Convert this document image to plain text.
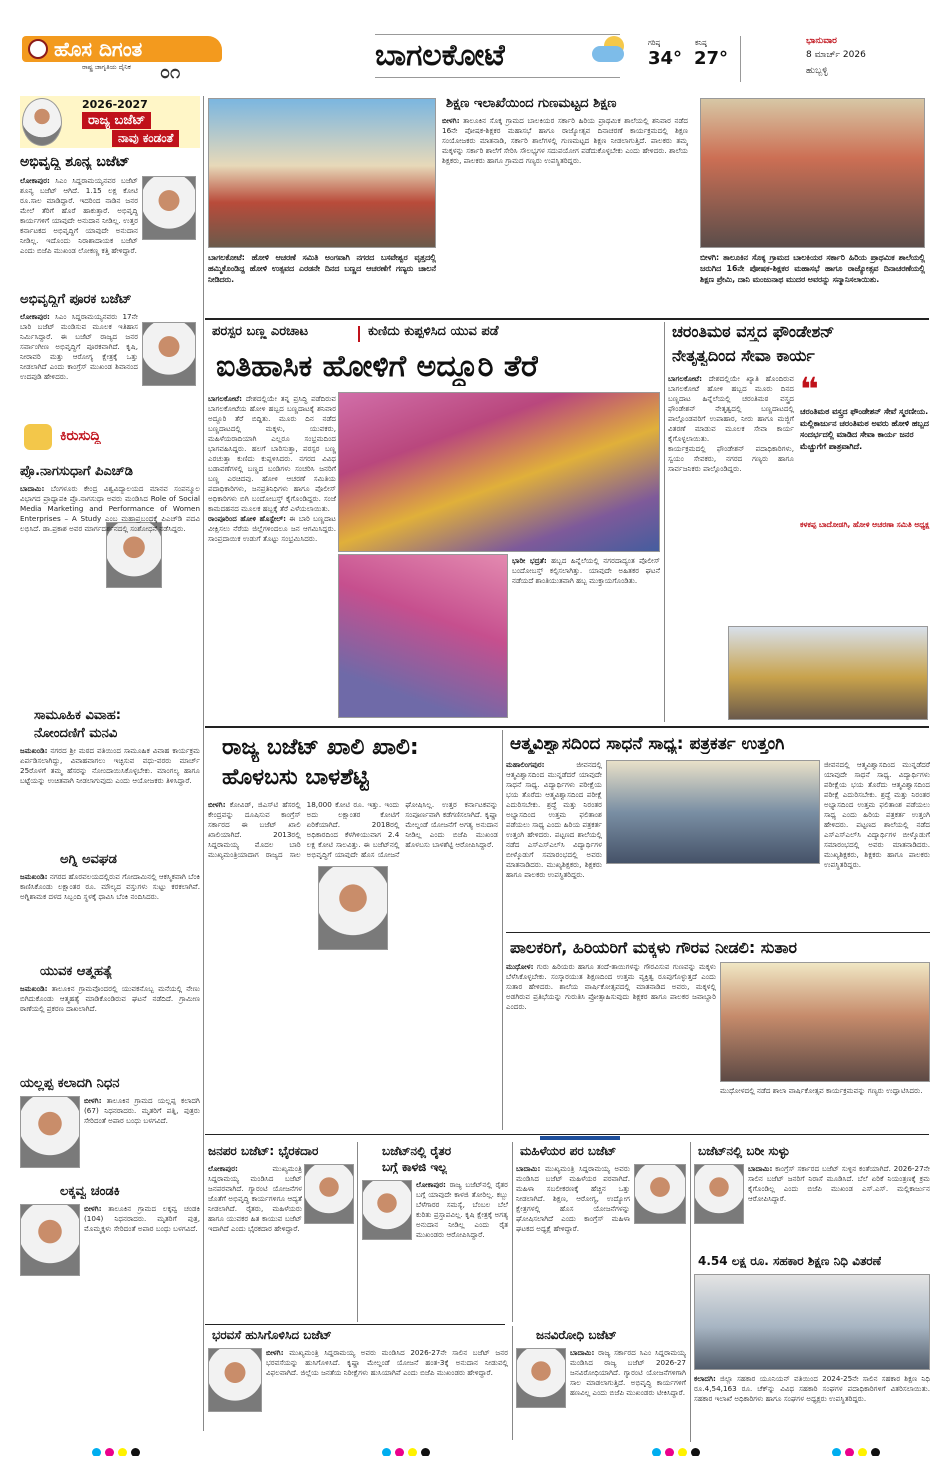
ಹೊಸ ದಿಗಂತ
ರಾಷ್ಟ್ರ ಜಾಗೃತಿಯ ದೈನಿಕ ೦೧	ಬಾಗಲಕೋಟೆ	ಗರಿಷ್ಠ
34°
ಕನಿಷ್ಠ
27°
ಭಾನುವಾರ
8 ಮಾರ್ಚ್ 2026
ಹುಬ್ಬಳ್ಳಿ
2026-2027
ರಾಜ್ಯ ಬಜೆಟ್
ನಾವು ಕಂಡಂತೆ
ಅಭಿವೃದ್ಧಿ ಶೂನ್ಯ ಬಜೆಟ್
ಲೋಕಾಪುರ: ಸಿಎಂ ಸಿದ್ದರಾಮಯ್ಯನವರ ಬಜೆಟ್ ಶೂನ್ಯ ಬಜೆಟ್ ಆಗಿದೆ. 1.15 ಲಕ್ಷ ಕೋಟಿ ರೂ.ಸಾಲ ಮಾಡಿದ್ದಾರೆ. ಇದರಿಂದ ನಾಡಿನ ಜನರ ಮೇಲೆ ತೆರಿಗೆ ಹೊರೆ ಹಾಕುತ್ತಾರೆ. ಅಭಿವೃದ್ಧಿ ಕಾರ್ಯಗಳಿಗೆ ಯಾವುದೇ ಅನುದಾನ ನೀಡಿಲ್ಲ. ಉತ್ತರ ಕರ್ನಾಟಕದ ಅಭಿವೃದ್ಧಿಗೆ ಯಾವುದೇ ಅನುದಾನ ನೀಡಿಲ್ಲ. ಇದೊಂದು ನಿರಾಶಾದಾಯಕ ಬಜೆಟ್ ಎಂದು ಬಿಜೆಪಿ ಮುಖಂಡ ಲೋಕಣ್ಣ ಕತ್ತಿ ಹೇಳಿದ್ದಾರೆ.
ಅಭಿವೃದ್ಧಿಗೆ ಪೂರಕ ಬಜೆಟ್
ಲೋಕಾಪುರ: ಸಿಎಂ ಸಿದ್ದರಾಮಯ್ಯನವರು 17ನೇ ಬಾರಿ ಬಜೆಟ್ ಮಂಡಿಸುವ ಮೂಲಕ ಇತಿಹಾಸ ನಿರ್ಮಿಸಿದ್ದಾರೆ. ಈ ಬಜೆಟ್ ರಾಜ್ಯದ ಜನರ ಸರ್ವಾಂಗೀಣ ಅಭಿವೃದ್ಧಿಗೆ ಪೂರಕವಾಗಿದೆ. ಕೃಷಿ, ನೀರಾವರಿ ಮತ್ತು ಆರೋಗ್ಯ ಕ್ಷೇತ್ರಕ್ಕೆ ಒತ್ತು ನೀಡಲಾಗಿದೆ ಎಂದು ಕಾಂಗ್ರೆಸ್ ಮುಖಂಡ ಶಿವಾನಂದ ಉದಪುಡಿ ಹೇಳಿದರು.
ಕಿರುಸುದ್ದಿ
ಪ್ರೊ.ನಾಗಸುಧಾಗೆ ಪಿಎಚ್‌ಡಿ
ಬಾದಾಮಿ: ಬೆಂಗಳೂರು ಕೇಂದ್ರ ವಿಶ್ವವಿದ್ಯಾಲಯದ ಮಾನವ ಸಂಪನ್ಮೂಲ ವಿಭಾಗದ ಪ್ರಾಧ್ಯಾಪಕಿ ಪ್ರೊ.ನಾಗಸುಧಾ ಅವರು ಮಂಡಿಸಿದ Role of Social Media Marketing and Performance of Women Enterprises – A Study ಎಂಬ ಮಹಾಪ್ರಬಂಧಕ್ಕೆ ಪಿಎಚ್‌ಡಿ ಪದವಿ ಲಭಿಸಿದೆ. ಡಾ.ಪ್ರಕಾಶ ಅವರ ಮಾರ್ಗದರ್ಶನದಲ್ಲಿ ಸಂಶೋಧನೆ ನಡೆಸಿದ್ದರು.
ಸಾಮೂಹಿಕ ವಿವಾಹ:
ನೋಂದಣಿಗೆ ಮನವಿ
ಜಮಖಂಡಿ: ನಗರದ ಶ್ರೀ ಮಠದ ವತಿಯಿಂದ ಸಾಮೂಹಿಕ ವಿವಾಹ ಕಾರ್ಯಕ್ರಮ ಏರ್ಪಡಿಸಲಾಗಿದ್ದು, ವಿವಾಹವಾಗಲು ಇಚ್ಛಿಸುವ ವಧು-ವರರು ಮಾರ್ಚ್ 25ರೊಳಗೆ ತಮ್ಮ ಹೆಸರನ್ನು ನೋಂದಾಯಿಸಿಕೊಳ್ಳಬೇಕು. ಮಾಂಗಲ್ಯ ಹಾಗೂ ಬಟ್ಟೆಯನ್ನು ಉಚಿತವಾಗಿ ನೀಡಲಾಗುವುದು ಎಂದು ಆಯೋಜಕರು ತಿಳಿಸಿದ್ದಾರೆ.
ಅಗ್ನಿ ಅವಘಡ
ಜಮಖಂಡಿ: ನಗರದ ಹೊರವಲಯದಲ್ಲಿರುವ ಗೋದಾಮಿನಲ್ಲಿ ಆಕಸ್ಮಿಕವಾಗಿ ಬೆಂಕಿ ಕಾಣಿಸಿಕೊಂಡು ಲಕ್ಷಾಂತರ ರೂ. ಮೌಲ್ಯದ ವಸ್ತುಗಳು ಸುಟ್ಟು ಕರಕಲಾಗಿವೆ. ಅಗ್ನಿಶಾಮಕ ದಳದ ಸಿಬ್ಬಂದಿ ಸ್ಥಳಕ್ಕೆ ಧಾವಿಸಿ ಬೆಂಕಿ ನಂದಿಸಿದರು.
ಯುವಕ ಆತ್ಮಹತ್ಯೆ
ಜಮಖಂಡಿ: ತಾಲೂಕಿನ ಗ್ರಾಮವೊಂದರಲ್ಲಿ ಯುವಕನೊಬ್ಬ ಮನೆಯಲ್ಲಿ ನೇಣು ಬಿಗಿದುಕೊಂಡು ಆತ್ಮಹತ್ಯೆ ಮಾಡಿಕೊಂಡಿರುವ ಘಟನೆ ನಡೆದಿದೆ. ಗ್ರಾಮೀಣ ಠಾಣೆಯಲ್ಲಿ ಪ್ರಕರಣ ದಾಖಲಾಗಿದೆ.
ಯಲ್ಲಪ್ಪ ಕಲಾದಗಿ ನಿಧನ
ಬೀಳಗಿ: ತಾಲೂಕಿನ ಗ್ರಾಮದ ಯಲ್ಲಪ್ಪ ಕಲಾದಗಿ (67) ನಿಧನರಾದರು. ಮೃತರಿಗೆ ಪತ್ನಿ, ಪುತ್ರರು ಸೇರಿದಂತೆ ಅಪಾರ ಬಂಧು ಬಳಗವಿದೆ.
ಲಕ್ಕವ್ವ ಚಂಡಕಿ
ಬೀಳಗಿ: ತಾಲೂಕಿನ ಗ್ರಾಮದ ಲಕ್ಕವ್ವ ಚಂಡಕಿ (104) ನಿಧನರಾದರು. ಮೃತರಿಗೆ ಪುತ್ರ, ಮೊಮ್ಮಕ್ಕಳು ಸೇರಿದಂತೆ ಅಪಾರ ಬಂಧು ಬಳಗವಿದೆ.
ಬಾಗಲಕೋಟೆ: ಹೋಳಿ ಆಚರಣೆ ಸಮಿತಿ ಅಂಗವಾಗಿ ನಗರದ ಬಸವೇಶ್ವರ ವೃತ್ತದಲ್ಲಿ ಹಮ್ಮಿಕೊಂಡಿದ್ದ ಹೋಳಿ ಉತ್ಸವದ ಎರಡನೇ ದಿನದ ಬಣ್ಣದ ಆಚರಣೆಗೆ ಗಣ್ಯರು ಚಾಲನೆ ನೀಡಿದರು.
ಶಿಕ್ಷಣ ಇಲಾಖೆಯಿಂದ ಗುಣಮಟ್ಟದ ಶಿಕ್ಷಣ
ಬೀಳಗಿ: ತಾಲೂಕಿನ ಸೊಕ್ಕ ಗ್ರಾಮದ ಬಾಲಕಿಯರ ಸರ್ಕಾರಿ ಹಿರಿಯ ಪ್ರಾಥಮಿಕ ಶಾಲೆಯಲ್ಲಿ ಶನಿವಾರ ನಡೆದ 16ನೇ ಪೋಷಕ-ಶಿಕ್ಷಕರ ಮಹಾಸಭೆ ಹಾಗೂ ರಾಜ್ಯೋತ್ಸವ ದಿನಾಚರಣೆ ಕಾರ್ಯಕ್ರಮದಲ್ಲಿ ಶಿಕ್ಷಣ ಸಂಯೋಜಕರು ಮಾತನಾಡಿ, ಸರ್ಕಾರಿ ಶಾಲೆಗಳಲ್ಲಿ ಗುಣಮಟ್ಟದ ಶಿಕ್ಷಣ ನೀಡಲಾಗುತ್ತಿದೆ. ಪಾಲಕರು ತಮ್ಮ ಮಕ್ಕಳನ್ನು ಸರ್ಕಾರಿ ಶಾಲೆಗೆ ಸೇರಿಸಿ ಸೌಲಭ್ಯಗಳ ಸದುಪಯೋಗ ಪಡೆದುಕೊಳ್ಳಬೇಕು ಎಂದು ಹೇಳಿದರು. ಶಾಲೆಯ ಶಿಕ್ಷಕರು, ಪಾಲಕರು ಹಾಗೂ ಗ್ರಾಮದ ಗಣ್ಯರು ಉಪಸ್ಥಿತರಿದ್ದರು.
ಬೀಳಗಿ: ತಾಲೂಕಿನ ಸೊಕ್ಕ ಗ್ರಾಮದ ಬಾಲಕಿಯರ ಸರ್ಕಾರಿ ಹಿರಿಯ ಪ್ರಾಥಮಿಕ ಶಾಲೆಯಲ್ಲಿ ಜರುಗಿದ 16ನೇ ಪೋಷಕ-ಶಿಕ್ಷಕರ ಮಹಾಸಭೆ ಹಾಗೂ ರಾಜ್ಯೋತ್ಸವ ದಿನಾಚರಣೆಯಲ್ಲಿ ಶಿಕ್ಷಣ ಪ್ರೇಮಿ, ದಾನಿ ಮಂಜುನಾಥ ಮುದರ ಅವರನ್ನು ಸನ್ಮಾನಿಸಲಾಯಿತು.
ಪರಸ್ಪರ ಬಣ್ಣ ಎರಚಾಟ	ಕುಣಿದು ಕುಪ್ಪಳಿಸಿದ ಯುವ ಪಡೆ
ಐತಿಹಾಸಿಕ ಹೋಳಿಗೆ ಅದ್ದೂರಿ ತೆರೆ
ಬಾಗಲಕೋಟೆ: ದೇಶದಲ್ಲಿಯೇ ತನ್ನ ಪ್ರಸಿದ್ಧಿ ಪಡೆದಿರುವ ಬಾಗಲಕೋಟೆಯ ಹೋಳಿ ಹಬ್ಬದ ಬಣ್ಣದಾಟಕ್ಕೆ ಶನಿವಾರ ಅದ್ದೂರಿ ತೆರೆ ಬಿದ್ದಿತು. ಮೂರು ದಿನ ನಡೆದ ಬಣ್ಣದಾಟದಲ್ಲಿ ಮಕ್ಕಳು, ಯುವಕರು, ಮಹಿಳೆಯರಾದಿಯಾಗಿ ಎಲ್ಲರೂ ಸಂಭ್ರಮದಿಂದ ಭಾಗವಹಿಸಿದ್ದರು. ಹಲಗೆ ಬಾರಿಸುತ್ತಾ, ಪರಸ್ಪರ ಬಣ್ಣ ಎರಚುತ್ತಾ ಕುಣಿದು ಕುಪ್ಪಳಿಸಿದರು. ನಗರದ ವಿವಿಧ ಬಡಾವಣೆಗಳಲ್ಲಿ ಬಣ್ಣದ ಬಂಡಿಗಳು ಸಂಚರಿಸಿ ಜನರಿಗೆ ಬಣ್ಣ ಎರಚಿದವು. ಹೋಳಿ ಆಚರಣೆ ಸಮಿತಿಯ ಪದಾಧಿಕಾರಿಗಳು, ಜನಪ್ರತಿನಿಧಿಗಳು ಹಾಗೂ ಪೊಲೀಸ್ ಅಧಿಕಾರಿಗಳು ಬಿಗಿ ಬಂದೋಬಸ್ತ್ ಕೈಗೊಂಡಿದ್ದರು. ಸಂಜೆ ಕಾಮದಹನದ ಮೂಲಕ ಹಬ್ಬಕ್ಕೆ ತೆರೆ ಎಳೆಯಲಾಯಿತು.
ರಾಂಪೂರಿಂದ ಹೋಳಿ ಹೊಸ್ಟೇಲ್: ಈ ಬಾರಿ ಬಣ್ಣದಾಟ ವೀಕ್ಷಿಸಲು ನೆರೆಯ ಜಿಲ್ಲೆಗಳಿಂದಲೂ ಜನ ಆಗಮಿಸಿದ್ದರು. ಸಾಂಪ್ರದಾಯಿಕ ಉಡುಗೆ ತೊಟ್ಟು ಸಂಭ್ರಮಿಸಿದರು.
ಭಾರೀ ಭದ್ರತೆ: ಹಬ್ಬದ ಹಿನ್ನೆಲೆಯಲ್ಲಿ ನಗರದಾದ್ಯಂತ ಪೊಲೀಸ್ ಬಂದೋಬಸ್ತ್ ಕಲ್ಪಿಸಲಾಗಿತ್ತು. ಯಾವುದೇ ಅಹಿತಕರ ಘಟನೆ ನಡೆಯದೆ ಶಾಂತಿಯುತವಾಗಿ ಹಬ್ಬ ಮುಕ್ತಾಯಗೊಂಡಿತು.
ಚರಂತಿಮಠ ವಸ್ತ್ರದ ಫೌಂಡೇಶನ್
ನೇತೃತ್ವದಿಂದ ಸೇವಾ ಕಾರ್ಯ
ಬಾಗಲಕೋಟೆ: ದೇಶದಲ್ಲಿಯೇ ಖ್ಯಾತಿ ಹೊಂದಿರುವ ಬಾಗಲಕೋಟೆ ಹೋಳಿ ಹಬ್ಬದ ಮೂರು ದಿನದ ಬಣ್ಣದಾಟ ಹಿನ್ನೆಲೆಯಲ್ಲಿ ಚರಂತಿಮಠ ವಸ್ತ್ರದ ಫೌಂಡೇಶನ್ ನೇತೃತ್ವದಲ್ಲಿ ಬಣ್ಣದಾಟದಲ್ಲಿ ಪಾಲ್ಗೊಂಡವರಿಗೆ ಉಪಾಹಾರ, ನೀರು ಹಾಗೂ ಮಜ್ಜಿಗೆ ವಿತರಣೆ ಮಾಡುವ ಮೂಲಕ ಸೇವಾ ಕಾರ್ಯ ಕೈಗೊಳ್ಳಲಾಯಿತು.
ಕಾರ್ಯಕ್ರಮದಲ್ಲಿ ಫೌಂಡೇಶನ್ ಪದಾಧಿಕಾರಿಗಳು, ಸ್ವಯಂ ಸೇವಕರು, ನಗರದ ಗಣ್ಯರು ಹಾಗೂ ಸಾರ್ವಜನಿಕರು ಪಾಲ್ಗೊಂಡಿದ್ದರು.
❝
ಚರಂತಿಮಠ ವಸ್ತ್ರದ ಫೌಂಡೇಶನ್ ಸೇವೆ ಸ್ಮರಣೀಯ. ಮಲ್ಲಿಕಾರ್ಜುನ ಚರಂತಿಮಠ ಅವರು ಹೋಳಿ ಹಬ್ಬದ ಸಂದರ್ಭದಲ್ಲಿ ಮಾಡಿದ ಸೇವಾ ಕಾರ್ಯ ಜನರ ಮೆಚ್ಚುಗೆಗೆ ಪಾತ್ರವಾಗಿದೆ.
ಕಳಕಪ್ಪ ಬಾದೋಡಗಿ, ಹೋಳಿ ಆಚರಣಾ ಸಮಿತಿ ಅಧ್ಯಕ್ಷ
ರಾಜ್ಯ ಬಜೆಟ್ ಖಾಲಿ ಖಾಲಿ:
ಹೊಳಬಸು ಬಾಳಶೆಟ್ಟಿ
ಬೀಳಗಿ: ಕೋವಿಡ್, ಜಿಎಸ್‌ಟಿ ಹೆಸರಲ್ಲಿ ಕೇಂದ್ರವನ್ನು ದೂಷಿಸುವ ಕಾಂಗ್ರೆಸ್ ಸರ್ಕಾರದ ಈ ಬಜೆಟ್ ಖಾಲಿ ಖಾಲಿಯಾಗಿದೆ. 2013ರಲ್ಲಿ ಸಿದ್ದರಾಮಯ್ಯ ಮೊದಲ ಬಾರಿ ಮುಖ್ಯಮಂತ್ರಿಯಾದಾಗ ರಾಜ್ಯದ ಸಾಲ 18,000 ಕೋಟಿ ರೂ. ಇತ್ತು. ಇಂದು ಅದು ಲಕ್ಷಾಂತರ ಕೋಟಿಗೆ ಏರಿಕೆಯಾಗಿದೆ. 2018ರಲ್ಲಿ ಅಧಿಕಾರದಿಂದ ಕೆಳಗಿಳಿಯುವಾಗ 2.4 ಲಕ್ಷ ಕೋಟಿ ಸಾಲವಿತ್ತು. ಈ ಬಜೆಟ್‌ನಲ್ಲಿ ಅಭಿವೃದ್ಧಿಗೆ ಯಾವುದೇ ಹೊಸ ಯೋಜನೆ ಘೋಷಿಸಿಲ್ಲ. ಉತ್ತರ ಕರ್ನಾಟಕವನ್ನು ಸಂಪೂರ್ಣವಾಗಿ ಕಡೆಗಣಿಸಲಾಗಿದೆ. ಕೃಷ್ಣಾ ಮೇಲ್ದಂಡೆ ಯೋಜನೆಗೆ ಅಗತ್ಯ ಅನುದಾನ ನೀಡಿಲ್ಲ ಎಂದು ಬಿಜೆಪಿ ಮುಖಂಡ ಹೊಳಬಸು ಬಾಳಶೆಟ್ಟಿ ಆರೋಪಿಸಿದ್ದಾರೆ.
ಆತ್ಮವಿಶ್ವಾಸದಿಂದ ಸಾಧನೆ ಸಾಧ್ಯ: ಪತ್ರಕರ್ತ ಉತ್ತಂಗಿ
ಮಹಾಲಿಂಗಪುರ:	ಜೀವನದಲ್ಲಿ ಆತ್ಮವಿಶ್ವಾಸದಿಂದ ಮುನ್ನಡೆದರೆ ಯಾವುದೇ ಸಾಧನೆ ಸಾಧ್ಯ. ವಿದ್ಯಾರ್ಥಿಗಳು ಪರೀಕ್ಷೆಯ ಭಯ ತೊರೆದು ಆತ್ಮವಿಶ್ವಾಸದಿಂದ ಪರೀಕ್ಷೆ ಎದುರಿಸಬೇಕು. ಶ್ರದ್ಧೆ ಮತ್ತು ನಿರಂತರ ಅಭ್ಯಾಸದಿಂದ ಉತ್ತಮ ಫಲಿತಾಂಶ ಪಡೆಯಲು ಸಾಧ್ಯ ಎಂದು ಹಿರಿಯ ಪತ್ರಕರ್ತ ಉತ್ತಂಗಿ ಹೇಳಿದರು. ಪಟ್ಟಣದ ಶಾಲೆಯಲ್ಲಿ ನಡೆದ ಎಸ್‌ಎಸ್‌ಎಲ್‌ಸಿ ವಿದ್ಯಾರ್ಥಿಗಳ ಬೀಳ್ಕೊಡುಗೆ ಸಮಾರಂಭದಲ್ಲಿ ಅವರು ಮಾತನಾಡಿದರು. ಮುಖ್ಯಶಿಕ್ಷಕರು, ಶಿಕ್ಷಕರು ಹಾಗೂ ಪಾಲಕರು ಉಪಸ್ಥಿತರಿದ್ದರು.
ಜೀವನದಲ್ಲಿ ಆತ್ಮವಿಶ್ವಾಸದಿಂದ ಮುನ್ನಡೆದರೆ ಯಾವುದೇ ಸಾಧನೆ ಸಾಧ್ಯ. ವಿದ್ಯಾರ್ಥಿಗಳು ಪರೀಕ್ಷೆಯ ಭಯ ತೊರೆದು ಆತ್ಮವಿಶ್ವಾಸದಿಂದ ಪರೀಕ್ಷೆ ಎದುರಿಸಬೇಕು. ಶ್ರದ್ಧೆ ಮತ್ತು ನಿರಂತರ ಅಭ್ಯಾಸದಿಂದ ಉತ್ತಮ ಫಲಿತಾಂಶ ಪಡೆಯಲು ಸಾಧ್ಯ ಎಂದು ಹಿರಿಯ ಪತ್ರಕರ್ತ ಉತ್ತಂಗಿ ಹೇಳಿದರು. ಪಟ್ಟಣದ ಶಾಲೆಯಲ್ಲಿ ನಡೆದ ಎಸ್‌ಎಸ್‌ಎಲ್‌ಸಿ ವಿದ್ಯಾರ್ಥಿಗಳ ಬೀಳ್ಕೊಡುಗೆ ಸಮಾರಂಭದಲ್ಲಿ ಅವರು ಮಾತನಾಡಿದರು. ಮುಖ್ಯಶಿಕ್ಷಕರು, ಶಿಕ್ಷಕರು ಹಾಗೂ ಪಾಲಕರು ಉಪಸ್ಥಿತರಿದ್ದರು.
ಪಾಲಕರಿಗೆ, ಹಿರಿಯರಿಗೆ ಮಕ್ಕಳು ಗೌರವ ನೀಡಲಿ: ಸುತಾರ
ಮುಧೋಳ: ಗುರು ಹಿರಿಯರು ಹಾಗೂ ತಂದೆ-ತಾಯಿಗಳನ್ನು ಗೌರವಿಸುವ ಗುಣವನ್ನು ಮಕ್ಕಳು ಬೆಳೆಸಿಕೊಳ್ಳಬೇಕು. ಸಂಸ್ಕಾರಯುತ ಶಿಕ್ಷಣದಿಂದ ಉತ್ತಮ ವ್ಯಕ್ತಿತ್ವ ರೂಪುಗೊಳ್ಳುತ್ತದೆ ಎಂದು ಸುತಾರ ಹೇಳಿದರು. ಶಾಲೆಯ ವಾರ್ಷಿಕೋತ್ಸವದಲ್ಲಿ ಮಾತನಾಡಿದ ಅವರು, ಮಕ್ಕಳಲ್ಲಿ ಅಡಗಿರುವ ಪ್ರತಿಭೆಯನ್ನು ಗುರುತಿಸಿ ಪ್ರೋತ್ಸಾಹಿಸುವುದು ಶಿಕ್ಷಕರ ಹಾಗೂ ಪಾಲಕರ ಜವಾಬ್ದಾರಿ ಎಂದರು.
ಮುಧೋಳದಲ್ಲಿ ನಡೆದ ಶಾಲಾ ವಾರ್ಷಿಕೋತ್ಸವ ಕಾರ್ಯಕ್ರಮವನ್ನು ಗಣ್ಯರು ಉದ್ಘಾಟಿಸಿದರು.
ಜನಪರ ಬಜೆಟ್: ಭೈರಕದಾರ
ಲೋಕಾಪುರ:	ಮುಖ್ಯಮಂತ್ರಿ ಸಿದ್ದರಾಮಯ್ಯ ಮಂಡಿಸಿದ ಬಜೆಟ್ ಜನಪರವಾಗಿದೆ. ಗ್ಯಾರಂಟಿ ಯೋಜನೆಗಳ ಜೊತೆಗೆ ಅಭಿವೃದ್ಧಿ ಕಾರ್ಯಗಳಿಗೂ ಆದ್ಯತೆ ನೀಡಲಾಗಿದೆ. ರೈತರು, ಮಹಿಳೆಯರು ಹಾಗೂ ಯುವಕರ ಹಿತ ಕಾಯುವ ಬಜೆಟ್ ಇದಾಗಿದೆ ಎಂದು ಭೈರಕದಾರ ಹೇಳಿದ್ದಾರೆ.
ಬಜೆಟ್‌ನಲ್ಲಿ ರೈತರ
ಬಗ್ಗೆ ಕಾಳಜಿ ಇಲ್ಲ
ಲೋಕಾಪುರ: ರಾಜ್ಯ ಬಜೆಟ್‌ನಲ್ಲಿ ರೈತರ ಬಗ್ಗೆ ಯಾವುದೇ ಕಾಳಜಿ ತೋರಿಲ್ಲ. ಕಬ್ಬು ಬೆಳೆಗಾರರ ಸಮಸ್ಯೆ, ಬೆಂಬಲ ಬೆಲೆ ಕುರಿತು ಪ್ರಸ್ತಾಪವಿಲ್ಲ. ಕೃಷಿ ಕ್ಷೇತ್ರಕ್ಕೆ ಅಗತ್ಯ ಅನುದಾನ ನೀಡಿಲ್ಲ ಎಂದು ರೈತ ಮುಖಂಡರು ಆರೋಪಿಸಿದ್ದಾರೆ.
ಮಹಿಳೆಯರ ಪರ ಬಜೆಟ್
ಬಾದಾಮಿ: ಮುಖ್ಯಮಂತ್ರಿ ಸಿದ್ದರಾಮಯ್ಯ ಅವರು ಮಂಡಿಸಿದ ಬಜೆಟ್ ಮಹಿಳೆಯರ ಪರವಾಗಿದೆ. ಮಹಿಳಾ ಸಬಲೀಕರಣಕ್ಕೆ ಹೆಚ್ಚಿನ ಒತ್ತು ನೀಡಲಾಗಿದೆ. ಶಿಕ್ಷಣ, ಆರೋಗ್ಯ, ಉದ್ಯೋಗ ಕ್ಷೇತ್ರಗಳಲ್ಲಿ ಹೊಸ ಯೋಜನೆಗಳನ್ನು ಘೋಷಿಸಲಾಗಿದೆ ಎಂದು ಕಾಂಗ್ರೆಸ್ ಮಹಿಳಾ ಘಟಕದ ಅಧ್ಯಕ್ಷೆ ಹೇಳಿದ್ದಾರೆ.
ಬಜೆಟ್‌ನಲ್ಲಿ ಬರೀ ಸುಳ್ಳು
ಬಾದಾಮಿ: ಕಾಂಗ್ರೆಸ್ ಸರ್ಕಾರದ ಬಜೆಟ್ ಸುಳ್ಳಿನ ಕಂತೆಯಾಗಿದೆ. 2026-27ನೇ ಸಾಲಿನ ಬಜೆಟ್ ಜನರಿಗೆ ನಿರಾಸೆ ಮೂಡಿಸಿದೆ. ಬೆಲೆ ಏರಿಕೆ ನಿಯಂತ್ರಣಕ್ಕೆ ಕ್ರಮ ಕೈಗೊಂಡಿಲ್ಲ ಎಂದು ಬಿಜೆಪಿ ಮುಖಂಡ ಎಸ್.ಎಸ್. ಮಲ್ಲಿಕಾರ್ಜುನ ಆರೋಪಿಸಿದ್ದಾರೆ.
4.54 ಲಕ್ಷ ರೂ. ಸಹಕಾರ ಶಿಕ್ಷಣ ನಿಧಿ ವಿತರಣೆ
ಕಲಾದಗಿ: ಜಿಲ್ಲಾ ಸಹಕಾರ ಯೂನಿಯನ್ ವತಿಯಿಂದ 2024-25ನೇ ಸಾಲಿನ ಸಹಕಾರ ಶಿಕ್ಷಣ ನಿಧಿ ರೂ.4,54,163 ರೂ. ಚೆಕ್‌ನ್ನು ವಿವಿಧ ಸಹಕಾರಿ ಸಂಘಗಳ ಪದಾಧಿಕಾರಿಗಳಿಗೆ ವಿತರಿಸಲಾಯಿತು. ಸಹಕಾರ ಇಲಾಖೆ ಅಧಿಕಾರಿಗಳು ಹಾಗೂ ಸಂಘಗಳ ಅಧ್ಯಕ್ಷರು ಉಪಸ್ಥಿತರಿದ್ದರು.
ಭರವಸೆ ಹುಸಿಗೊಳಿಸಿದ ಬಜೆಟ್
ಬೀಳಗಿ: ಮುಖ್ಯಮಂತ್ರಿ ಸಿದ್ದರಾಮಯ್ಯ ಅವರು ಮಂಡಿಸಿದ 2026-27ನೇ ಸಾಲಿನ ಬಜೆಟ್ ಜನರ ಭರವಸೆಯನ್ನು ಹುಸಿಗೊಳಿಸಿದೆ. ಕೃಷ್ಣಾ ಮೇಲ್ದಂಡೆ ಯೋಜನೆ ಹಂತ-3ಕ್ಕೆ ಅನುದಾನ ನೀಡುವಲ್ಲಿ ವಿಫಲವಾಗಿದೆ. ಜಿಲ್ಲೆಯ ಜನತೆಯ ನಿರೀಕ್ಷೆಗಳು ಹುಸಿಯಾಗಿವೆ ಎಂದು ಬಿಜೆಪಿ ಮುಖಂಡರು ಹೇಳಿದ್ದಾರೆ.
ಜನವಿರೋಧಿ ಬಜೆಟ್
ಬಾದಾಮಿ: ರಾಜ್ಯ ಸರ್ಕಾರದ ಸಿಎಂ ಸಿದ್ದರಾಮಯ್ಯ ಮಂಡಿಸಿದ ರಾಜ್ಯ ಬಜೆಟ್ 2026-27 ಜನವಿರೋಧಿಯಾಗಿದೆ. ಗ್ಯಾರಂಟಿ ಯೋಜನೆಗಳಿಗಾಗಿ ಸಾಲ ಮಾಡಲಾಗುತ್ತಿದೆ. ಅಭಿವೃದ್ಧಿ ಕಾರ್ಯಗಳಿಗೆ ಹಣವಿಲ್ಲ ಎಂದು ಬಿಜೆಪಿ ಮುಖಂಡರು ಟೀಕಿಸಿದ್ದಾರೆ.
